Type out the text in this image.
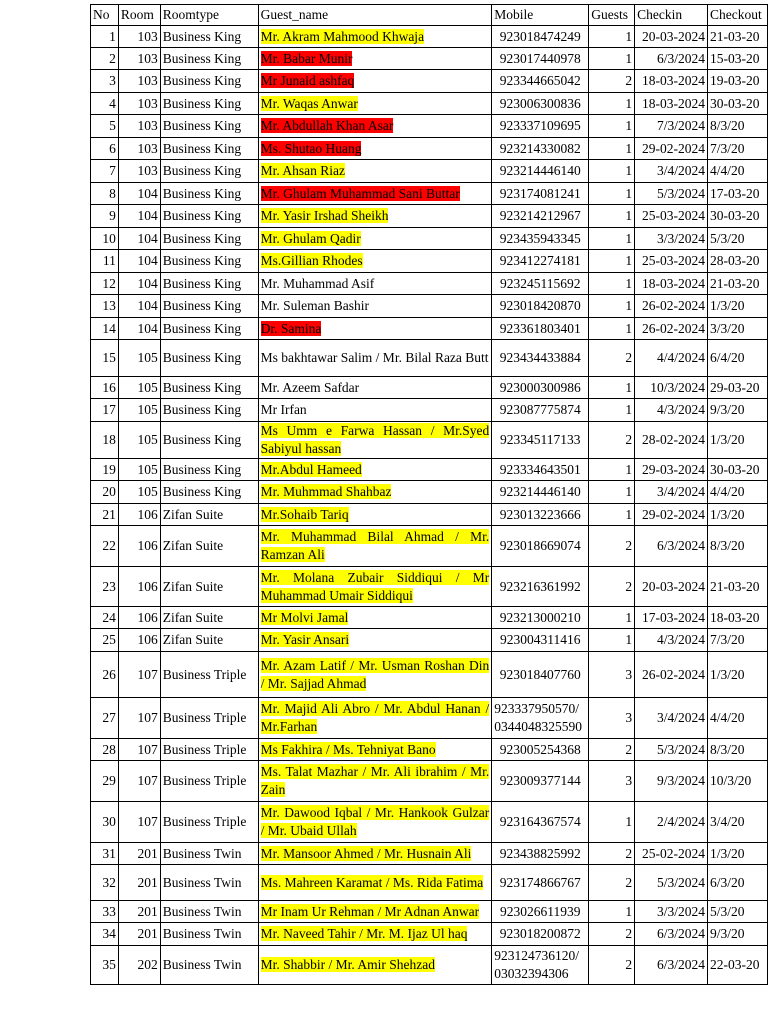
No	Room	Roomtype	Guest_name	Mobile	Guests	Checkin	Checkout
1	103	Business King	Mr. Akram Mahmood Khwaja	923018474249	1	20-03-2024	21-03-20
2	103	Business King	Mr. Babar Munir	923017440978	1	6/3/2024	15-03-20
3	103	Business King	Mr Junaid ashfaq	923344665042	2	18-03-2024	19-03-20
4	103	Business King	Mr. Waqas Anwar	923006300836	1	18-03-2024	30-03-20
5	103	Business King	Mr. Abdullah Khan Asar	923337109695	1	7/3/2024	8/3/20
6	103	Business King	Ms. Shutao Huang	923214330082	1	29-02-2024	7/3/20
7	103	Business King	Mr. Ahsan Riaz	923214446140	1	3/4/2024	4/4/20
8	104	Business King	Mr. Ghulam Muhammad Sani Buttar	923174081241	1	5/3/2024	17-03-20
9	104	Business King	Mr. Yasir Irshad Sheikh	923214212967	1	25-03-2024	30-03-20
10	104	Business King	Mr. Ghulam Qadir	923435943345	1	3/3/2024	5/3/20
11	104	Business King	Ms.Gillian Rhodes	923412274181	1	25-03-2024	28-03-20
12	104	Business King	Mr. Muhammad Asif	923245115692	1	18-03-2024	21-03-20
13	104	Business King	Mr. Suleman Bashir	923018420870	1	26-02-2024	1/3/20
14	104	Business King	Dr. Samina	923361803401	1	26-02-2024	3/3/20
15	105	Business King	Ms bakhtawar Salim / Mr. Bilal Raza Butt	923434433884	2	4/4/2024	6/4/20
16	105	Business King	Mr. Azeem Safdar	923000300986	1	10/3/2024	29-03-20
17	105	Business King	Mr Irfan	923087775874	1	4/3/2024	9/3/20
18	105	Business King	Ms Umm e Farwa Hassan / Mr.Syed Sabiyul hassan	923345117133	2	28-02-2024	1/3/20
19	105	Business King	Mr.Abdul Hameed	923334643501	1	29-03-2024	30-03-20
20	105	Business King	Mr. Muhmmad Shahbaz	923214446140	1	3/4/2024	4/4/20
21	106	Zifan Suite	Mr.Sohaib Tariq	923013223666	1	29-02-2024	1/3/20
22	106	Zifan Suite	Mr. Muhammad Bilal Ahmad / Mr. Ramzan Ali	923018669074	2	6/3/2024	8/3/20
23	106	Zifan Suite	Mr. Molana Zubair Siddiqui / Mr Muhammad Umair Siddiqui	923216361992	2	20-03-2024	21-03-20
24	106	Zifan Suite	Mr Molvi Jamal	923213000210	1	17-03-2024	18-03-20
25	106	Zifan Suite	Mr. Yasir Ansari	923004311416	1	4/3/2024	7/3/20
26	107	Business Triple	Mr. Azam Latif / Mr. Usman Roshan Din / Mr. Sajjad Ahmad	923018407760	3	26-02-2024	1/3/20
27	107	Business Triple	Mr. Majid Ali Abro / Mr. Abdul Hanan / Mr.Farhan	923337950570/ 0344048325590	3	3/4/2024	4/4/20
28	107	Business Triple	Ms Fakhira / Ms. Tehniyat Bano	923005254368	2	5/3/2024	8/3/20
29	107	Business Triple	Ms. Talat Mazhar / Mr. Ali ibrahim / Mr. Zain	923009377144	3	9/3/2024	10/3/20
30	107	Business Triple	Mr. Dawood Iqbal / Mr. Hankook Gulzar / Mr. Ubaid Ullah	923164367574	1	2/4/2024	3/4/20
31	201	Business Twin	Mr. Mansoor Ahmed / Mr. Husnain Ali	923438825992	2	25-02-2024	1/3/20
32	201	Business Twin	Ms. Mahreen Karamat / Ms. Rida Fatima	923174866767	2	5/3/2024	6/3/20
33	201	Business Twin	Mr Inam Ur Rehman / Mr Adnan Anwar	923026611939	1	3/3/2024	5/3/20
34	201	Business Twin	Mr. Naveed Tahir / Mr. M. Ijaz Ul haq	923018200872	2	6/3/2024	9/3/20
35	202	Business Twin	Mr. Shabbir / Mr. Amir Shehzad	923124736120/ 03032394306	2	6/3/2024	22-03-20
